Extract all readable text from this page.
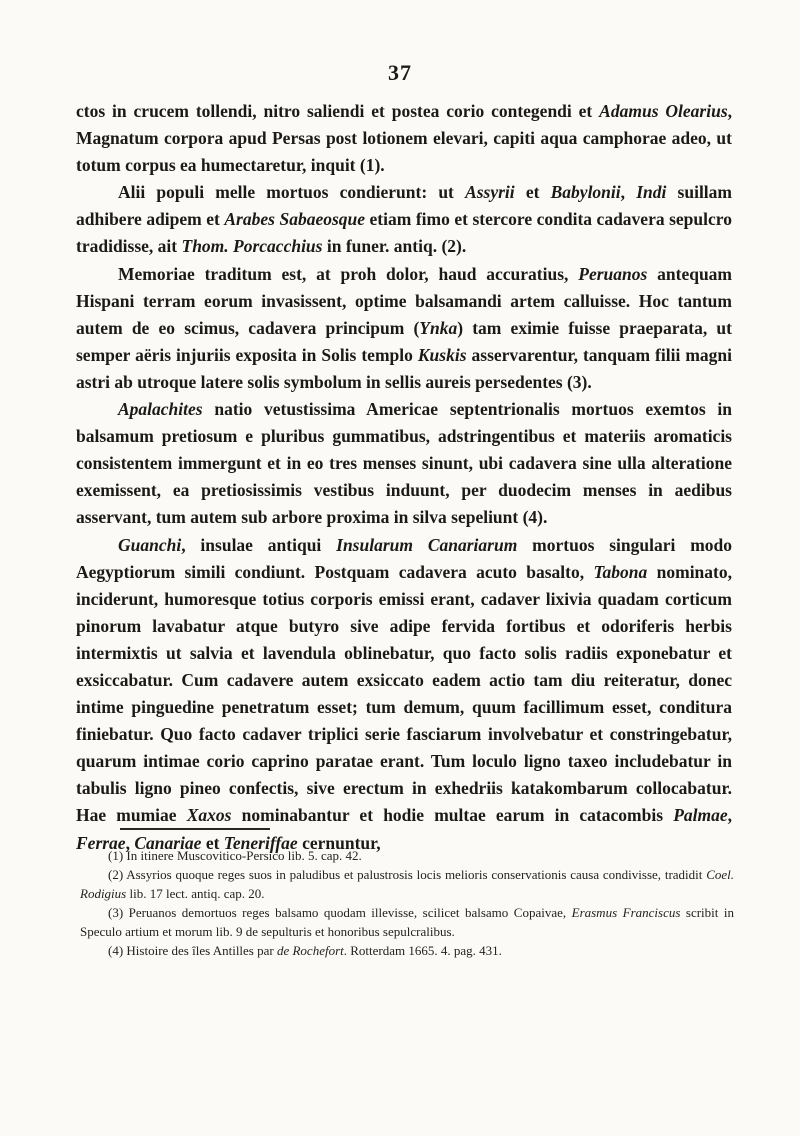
37

ctos in crucem tollendi, nitro saliendi et postea corio contegendi et Adamus Olearius, Magnatum corpora apud Persas post lotionem elevari, capiti aqua camphorae adeo, ut totum corpus ea humectaretur, inquit (1).

Alii populi melle mortuos condierunt: ut Assyrii et Babylonii, Indi suillam adhibere adipem et Arabes Sabaeosque etiam fimo et stercore condita cadavera sepulcro tradidisse, ait Thom. Porcacchius in funer. antiq. (2).

Memoriae traditum est, at proh dolor, haud accuratius, Peruanos antequam Hispani terram eorum invasissent, optime balsamandi artem calluisse. Hoc tantum autem de eo scimus, cadavera principum (Ynka) tam eximie fuisse praeparata, ut semper aëris injuriis exposita in Solis templo Kuskis asservarentur, tanquam filii magni astri ab utroque latere solis symbolum in sellis aureis persedentes (3).

Apalachites natio vetustissima Americae septentrionalis mortuos exemtos in balsamum pretiosum e pluribus gummatibus, adstringentibus et materiis aromaticis consistentem immergunt et in eo tres menses sinunt, ubi cadavera sine ulla alteratione exemissent, ea pretiosissimis vestibus induunt, per duodecim menses in aedibus asservant, tum autem sub arbore proxima in silva sepeliunt (4).

Guanchi, insulae antiqui Insularum Canariarum mortuos singulari modo Aegyptiorum simili condiunt. Postquam cadavera acuto basalto, Tabona nominato, inciderunt, humoresque totius corporis emissi erant, cadaver lixivia quadam corticum pinorum lavabatur atque butyro sive adipe fervida fortibus et odoriferis herbis intermixtis ut salvia et lavendula oblinebatur, quo facto solis radiis exponebatur et exsiccabatur. Cum cadavere autem exsiccato eadem actio tam diu reiteratur, donec intime pinguedine penetratum esset; tum demum, quum facillimum esset, conditura finiebatur. Quo facto cadaver triplici serie fasciarum involvebatur et constringebatur, quarum intimae corio caprino paratae erant. Tum loculo ligno taxeo includebatur in tabulis ligno pineo confectis, sive erectum in exhedriis katakombarum collocabatur. Hae mumiae Xaxos nominabantur et hodie multae earum in catacombis Palmae, Ferrae, Canariae et Teneriffae cernuntur,

(1) In itinere Muscovitico-Persico lib. 5. cap. 42.

(2) Assyrios quoque reges suos in paludibus et palustrosis locis melioris conservationis causa condivisse, tradidit Coel. Rodigius lib. 17 lect. antiq. cap. 20.

(3) Peruanos demortuos reges balsamo quodam illevisse, scilicet balsamo Copaivae, Erasmus Franciscus scribit in Speculo artium et morum lib. 9 de sepulturis et honoribus sepulcralibus.

(4) Histoire des îles Antilles par de Rochefort. Rotterdam 1665. 4. pag. 431.
